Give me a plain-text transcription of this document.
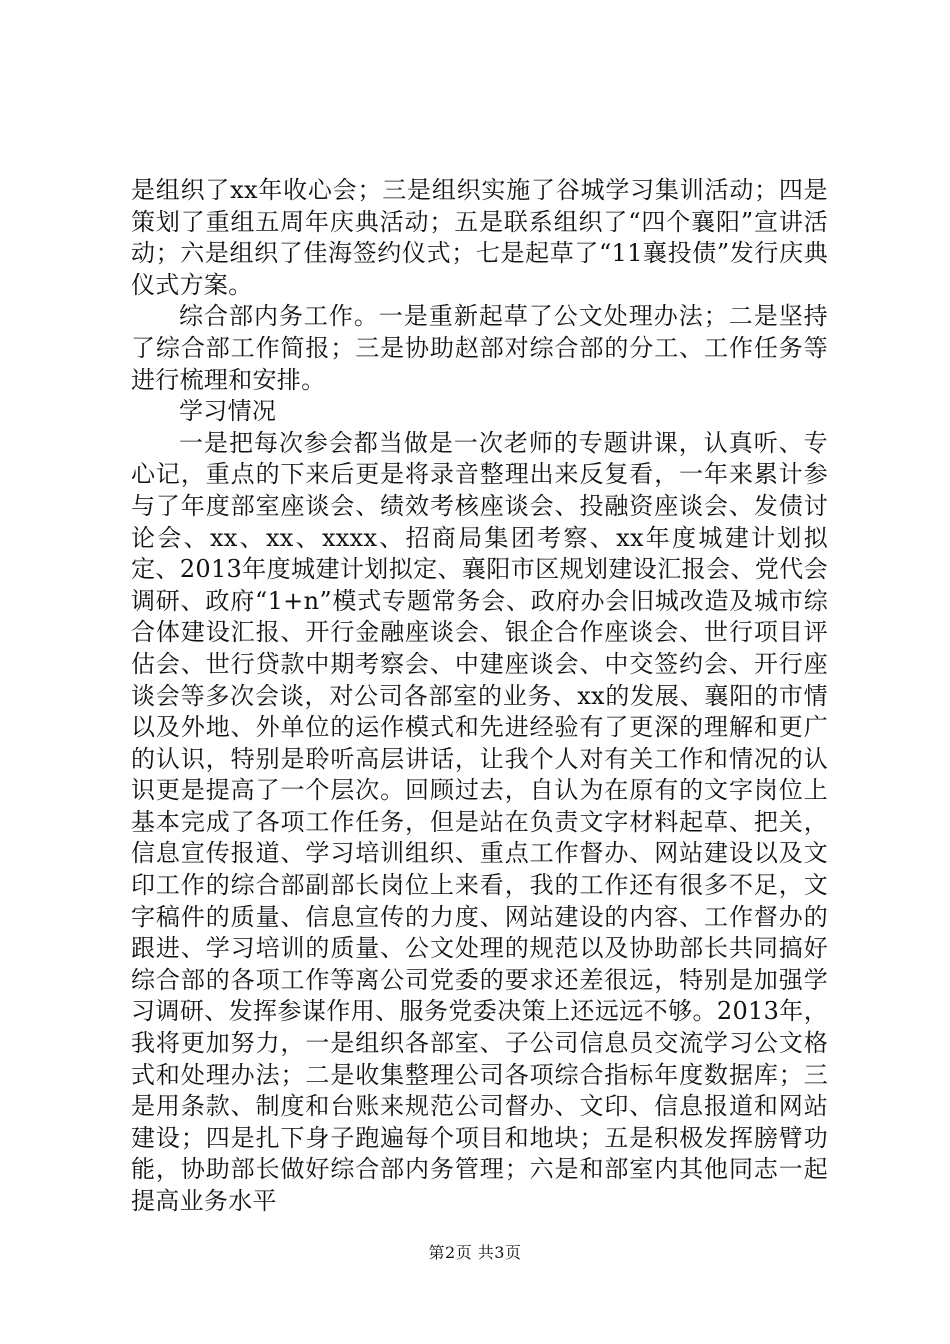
是组织了xx年收心会；三是组织实施了谷城学习集训活动；四是策划了重组五周年庆典活动；五是联系组织了“四个襄阳”宣讲活动；六是组织了佳海签约仪式；七是起草了“11襄投债”发行庆典仪式方案。

综合部内务工作。一是重新起草了公文处理办法；二是坚持了综合部工作简报；三是协助赵部对综合部的分工、工作任务等进行梳理和安排。

学习情况

一是把每次参会都当做是一次老师的专题讲课，认真听、专心记，重点的下来后更是将录音整理出来反复看，一年来累计参与了年度部室座谈会、绩效考核座谈会、投融资座谈会、发债讨论会、xx、xx、xxxx、招商局集团考察、xx年度城建计划拟定、2013年度城建计划拟定、襄阳市区规划建设汇报会、党代会调研、政府“1+n”模式专题常务会、政府办会旧城改造及城市综合体建设汇报、开行金融座谈会、银企合作座谈会、世行项目评估会、世行贷款中期考察会、中建座谈会、中交签约会、开行座谈会等多次会谈，对公司各部室的业务、xx的发展、襄阳的市情以及外地、外单位的运作模式和先进经验有了更深的理解和更广的认识，特别是聆听高层讲话，让我个人对有关工作和情况的认识更是提高了一个层次。回顾过去，自认为在原有的文字岗位上基本完成了各项工作任务，但是站在负责文字材料起草、把关，信息宣传报道、学习培训组织、重点工作督办、网站建设以及文印工作的综合部副部长岗位上来看，我的工作还有很多不足，文字稿件的质量、信息宣传的力度、网站建设的内容、工作督办的跟进、学习培训的质量、公文处理的规范以及协助部长共同搞好综合部的各项工作等离公司党委的要求还差很远，特别是加强学习调研、发挥参谋作用、服务党委决策上还远远不够。2013年，我将更加努力，一是组织各部室、子公司信息员交流学习公文格式和处理办法；二是收集整理公司各项综合指标年度数据库；三是用条款、制度和台账来规范公司督办、文印、信息报道和网站建设；四是扎下身子跑遍每个项目和地块；五是积极发挥膀臂功能，协助部长做好综合部内务管理；六是和部室内其他同志一起提高业务水平

第2页 共3页
